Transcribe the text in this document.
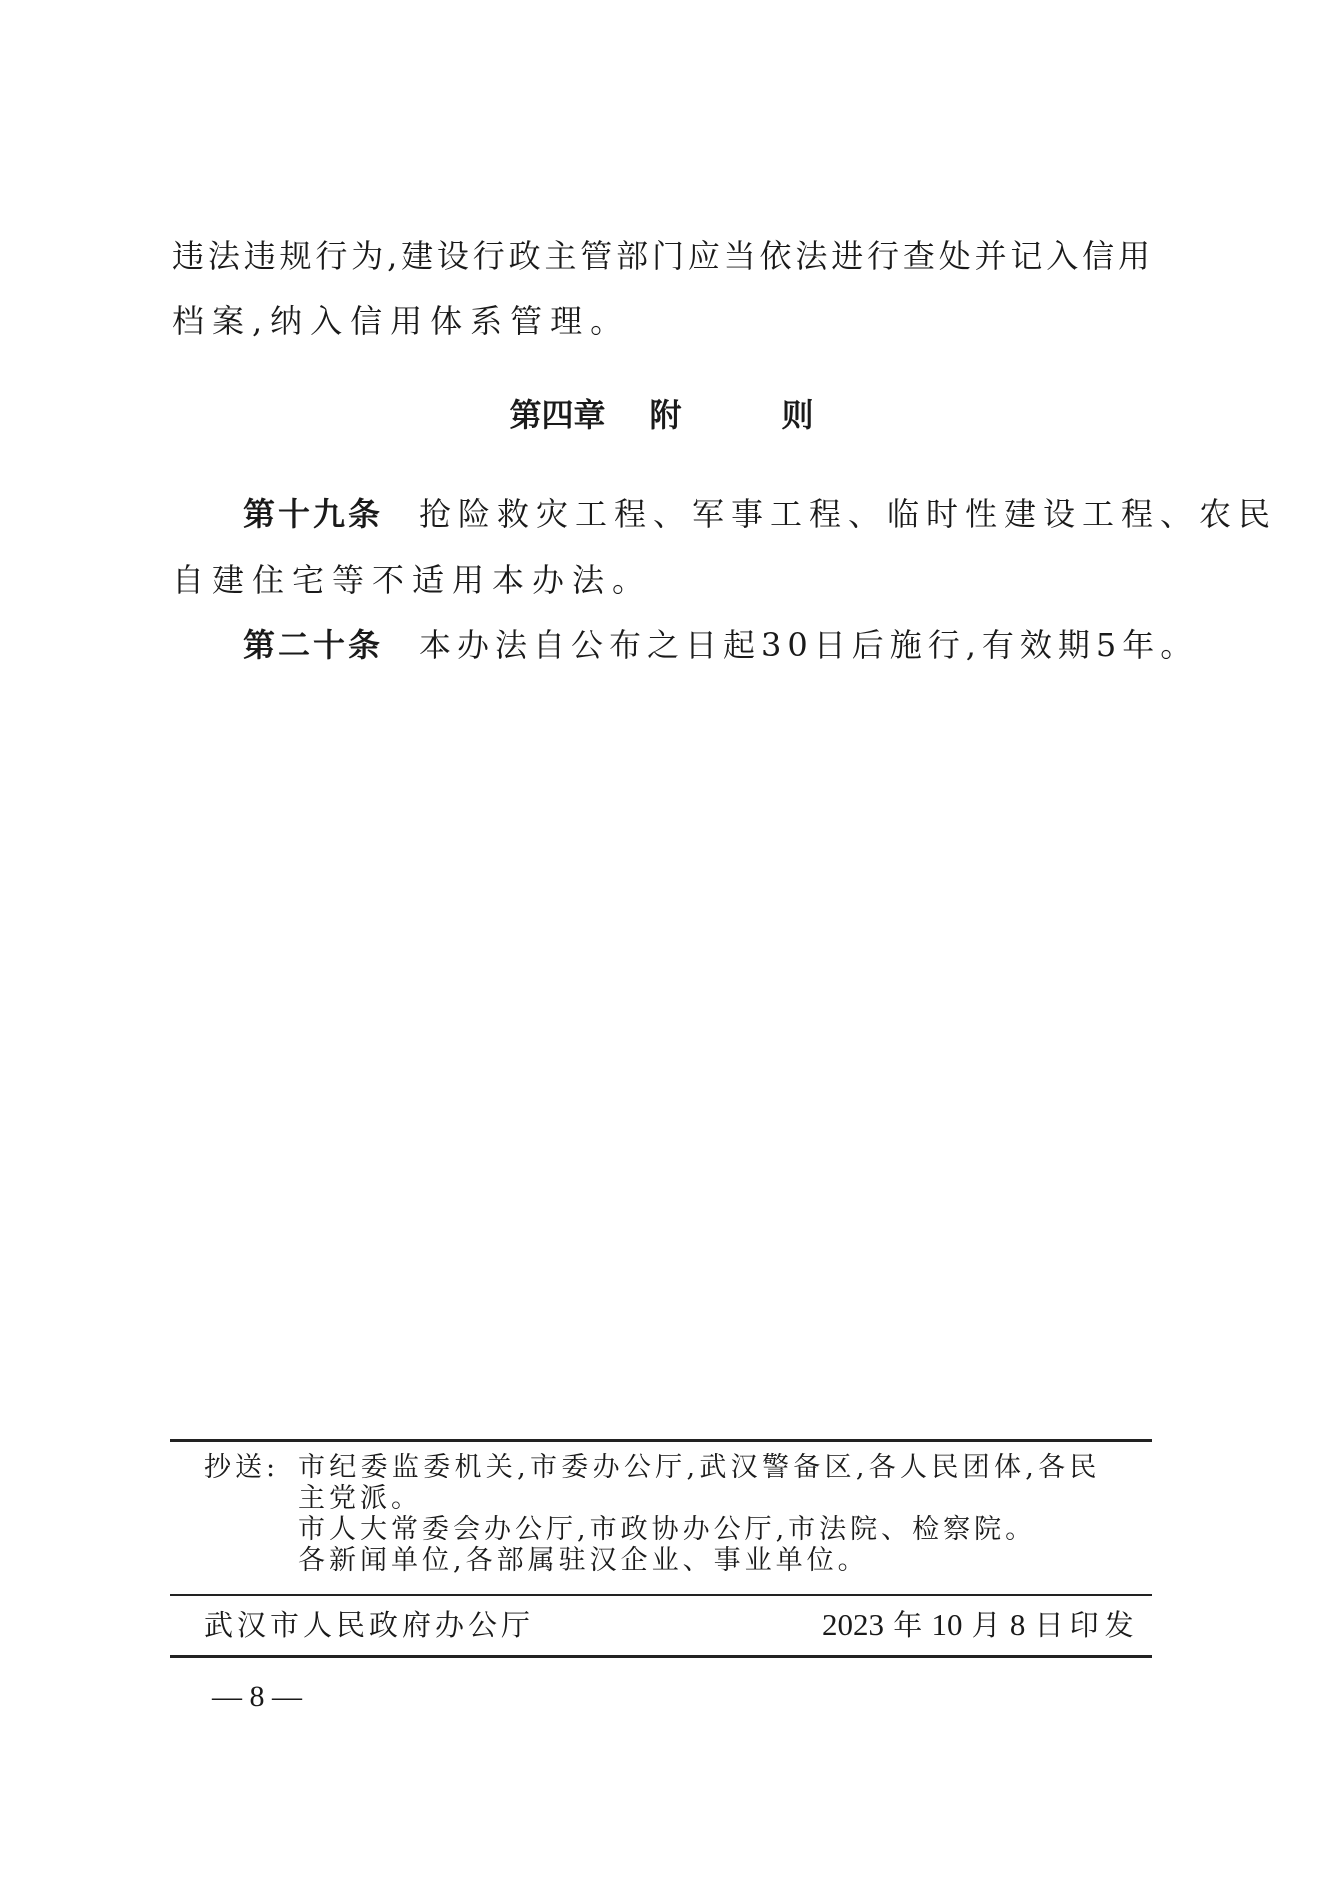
违 法 违 规 行 为 , 建 设 行 政 主 管 部 门 应 当 依 法 进 行 查 处 并 记 入 信 用
档案,纳入信用体系管理。
第四章 附	则
第十九条 抢险救灾工程、军事工程、临时性建设工程、农民
自建住宅等不适用本办法。
第二十条 本办法自公布之日起30日后施行,有效期5年。
抄送: 市纪委监委机关,市委办公厅,武汉警备区,各人民团体,各民
主党派。
市人大常委会办公厅,市政协办公厅,市法院、检察院。
各新闻单位,各部属驻汉企业、事业单位。
武汉市人民政府办公厅	2023 年 10 月 8 日印发
— 8 —
